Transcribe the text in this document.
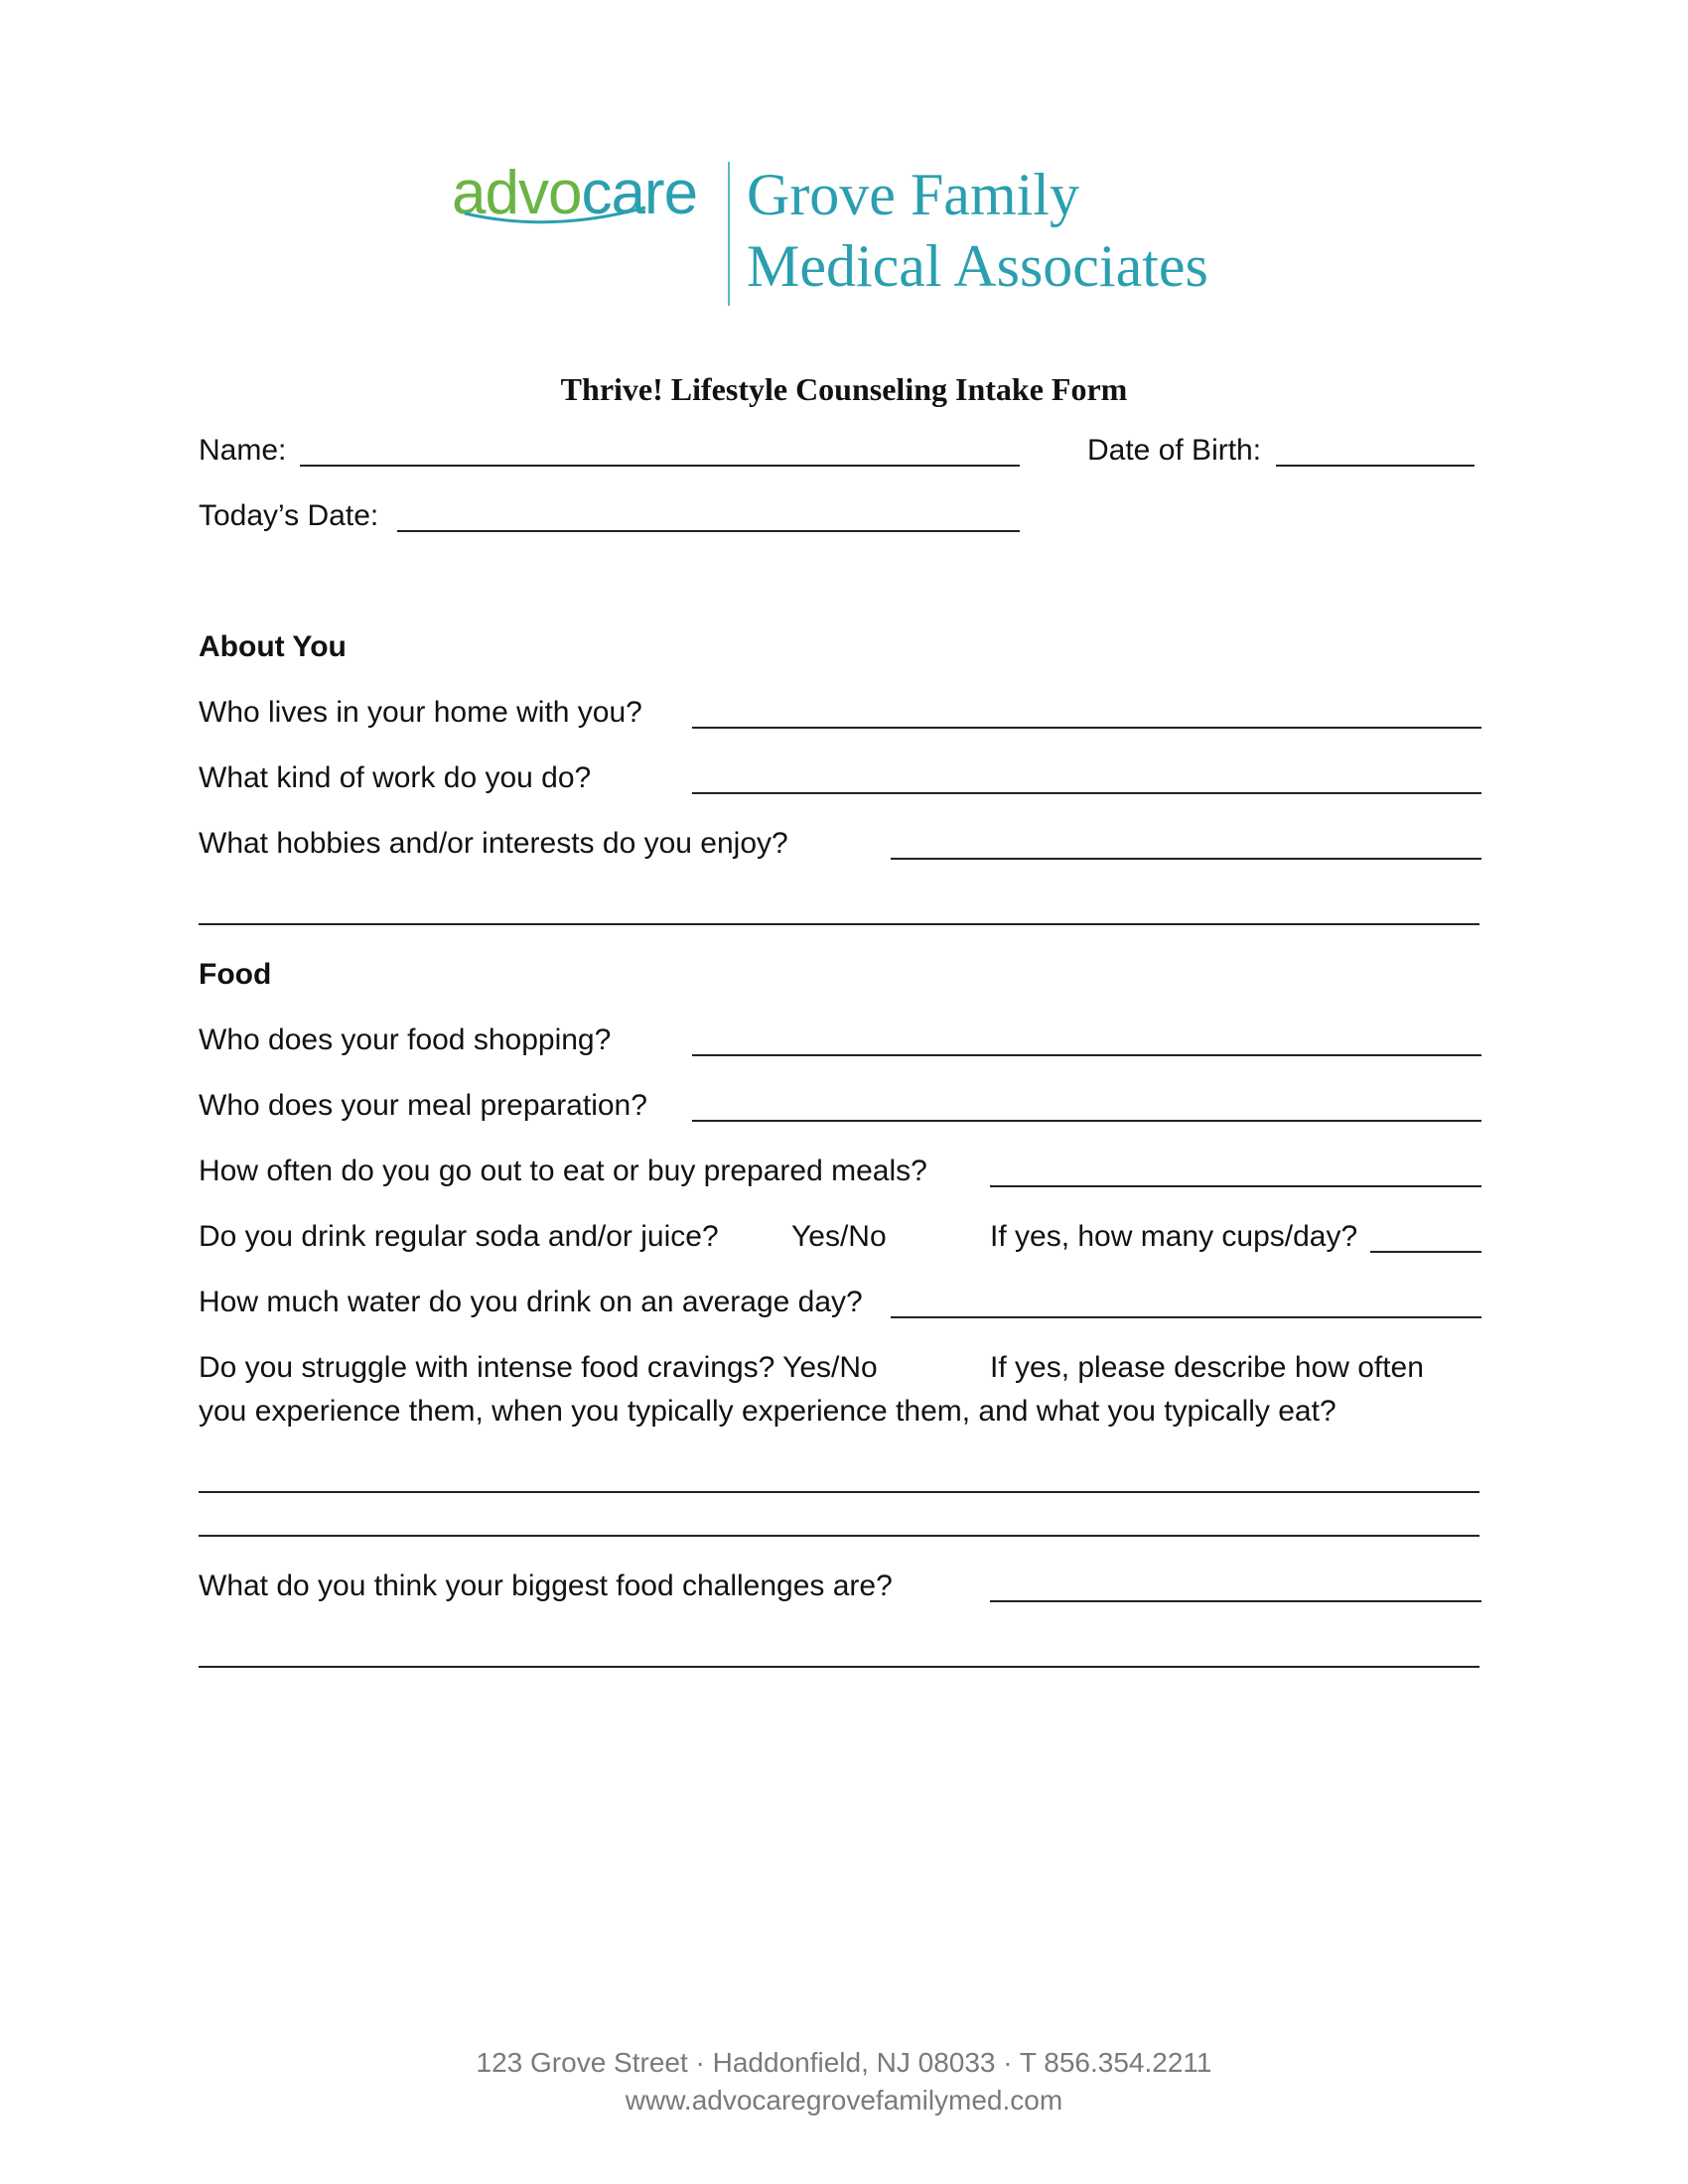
advocare Grove Family
Medical Associates
Thrive! Lifestyle Counseling Intake Form
Name:	Date of Birth:
Today’s Date:
About You
Who lives in your home with you?
What kind of work do you do?
What hobbies and/or interests do you enjoy?
Food
Who does your food shopping?
Who does your meal preparation?
How often do you go out to eat or buy prepared meals?
Do you drink regular soda and/or juice? Yes/No	If yes, how many cups/day?
How much water do you drink on an average day?
Do you struggle with intense food cravings? Yes/No	If yes, please describe how often
you experience them, when you typically experience them, and what you typically eat?
What do you think your biggest food challenges are?
123 Grove Street · Haddonfield, NJ 08033 · T 856.354.2211
www.advocaregrovefamilymed.com
